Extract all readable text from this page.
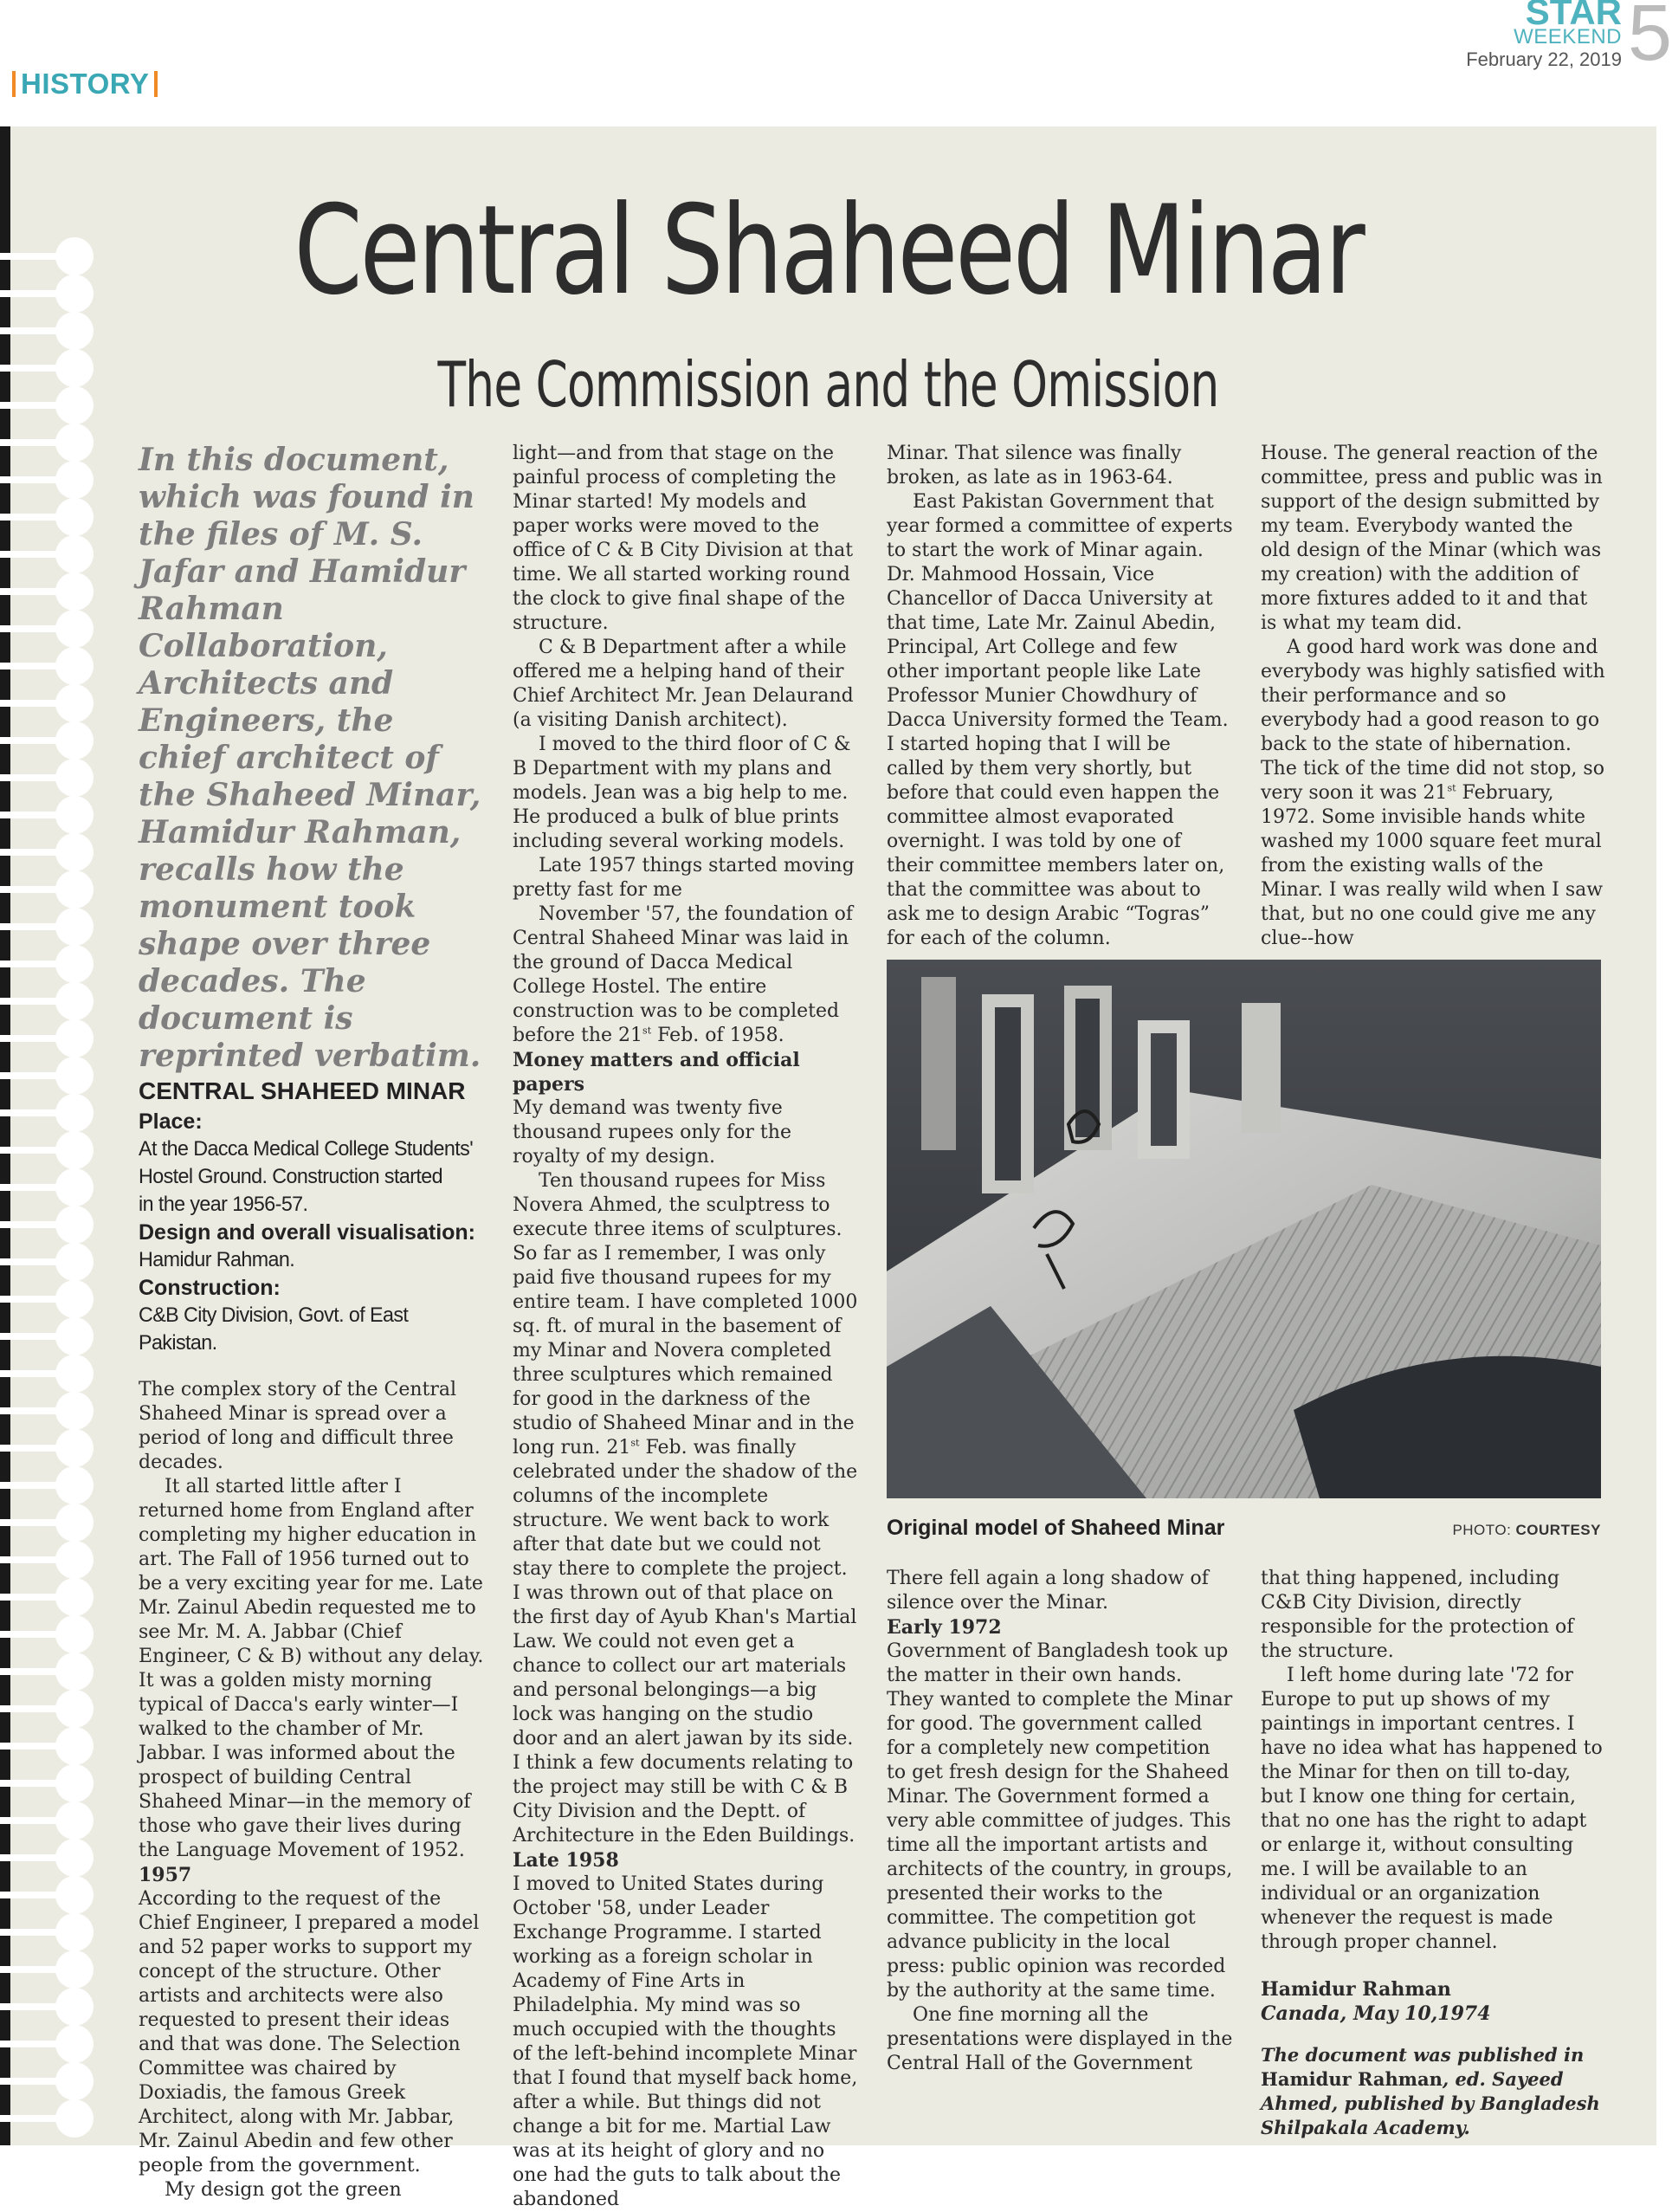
HISTORY
STAR
WEEKEND
February 22, 2019 5
Central Shaheed Minar
The Commission and the Omission

In this document, which was found in the files of M. S. Jafar and Hamidur Rahman Collaboration, Architects and Engineers, the chief architect of the Shaheed Minar, Hamidur Rahman, recalls how the monument took shape over three decades. The document is reprinted verbatim.

CENTRAL SHAHEED MINAR
Place:
At the Dacca Medical College Students'
Hostel Ground. Construction started
in the year 1956-57.
Design and overall visualisation:
Hamidur Rahman.
Construction:
C&B City Division, Govt. of East Pakistan.

The complex story of the Central Shaheed Minar is spread over a period of long and difficult three decades.

It all started little after I returned home from England after completing my higher education in art. The Fall of 1956 turned out to be a very exciting year for me. Late Mr. Zainul Abedin requested me to see Mr. M. A. Jabbar (Chief Engineer, C & B) without any delay. It was a golden misty morning typical of Dacca's early winter—I walked to the chamber of Mr. Jabbar. I was informed about the prospect of building Central Shaheed Minar—in the memory of those who gave their lives during the Language Movement of 1952.

1957

According to the request of the Chief Engineer, I prepared a model and 52 paper works to support my concept of the structure. Other artists and architects were also requested to present their ideas and that was done. The Selection Committee was chaired by Doxiadis, the famous Greek Architect, along with Mr. Jabbar, Mr. Zainul Abedin and few other people from the government.

My design got the green

light—and from that stage on the painful process of completing the Minar started! My models and paper works were moved to the office of C & B City Division at that time. We all started working round the clock to give final shape of the structure.

C & B Department after a while offered me a helping hand of their Chief Architect Mr. Jean Delaurand (a visiting Danish architect).

I moved to the third floor of C & B Department with my plans and models. Jean was a big help to me. He produced a bulk of blue prints including several working models.

Late 1957 things started moving pretty fast for me

November '57, the foundation of Central Shaheed Minar was laid in the ground of Dacca Medical College Hostel. The entire construction was to be completed before the 21st Feb. of 1958.

Money matters and official papers

My demand was twenty five thousand rupees only for the royalty of my design.

Ten thousand rupees for Miss Novera Ahmed, the sculptress to execute three items of sculptures. So far as I remember, I was only paid five thousand rupees for my entire team. I have completed 1000 sq. ft. of mural in the basement of my Minar and Novera completed three sculptures which remained for good in the darkness of the studio of Shaheed Minar and in the long run. 21st Feb. was finally celebrated under the shadow of the columns of the incomplete structure. We went back to work after that date but we could not stay there to complete the project. I was thrown out of that place on the first day of Ayub Khan's Martial Law. We could not even get a chance to collect our art materials and personal belongings—a big lock was hanging on the studio door and an alert jawan by its side. I think a few documents relating to the project may still be with C & B City Division and the Deptt. of Architecture in the Eden Buildings.

Late 1958

I moved to United States during October '58, under Leader Exchange Programme. I started working as a foreign scholar in Academy of Fine Arts in Philadelphia. My mind was so much occupied with the thoughts of the left-behind incomplete Minar that I found that myself back home, after a while. But things did not change a bit for me. Martial Law was at its height of glory and no one had the guts to talk about the abandoned

Minar. That silence was finally broken, as late as in 1963-64.

East Pakistan Government that year formed a committee of experts to start the work of Minar again. Dr. Mahmood Hossain, Vice Chancellor of Dacca University at that time, Late Mr. Zainul Abedin, Principal, Art College and few other important people like Late Professor Munier Chowdhury of Dacca University formed the Team. I started hoping that I will be called by them very shortly, but before that could even happen the committee almost evaporated overnight. I was told by one of their committee members later on, that the committee was about to ask me to design Arabic “Togras” for each of the column.

House. The general reaction of the committee, press and public was in support of the design submitted by my team. Everybody wanted the old design of the Minar (which was my creation) with the addition of more fixtures added to it and that is what my team did.

A good hard work was done and everybody was highly satisfied with their performance and so everybody had a good reason to go back to the state of hibernation. The tick of the time did not stop, so very soon it was 21st February, 1972. Some invisible hands white washed my 1000 square feet mural from the existing walls of the Minar. I was really wild when I saw that, but no one could give me any clue--how

Original model of Shaheed Minar	PHOTO: COURTESY

There fell again a long shadow of silence over the Minar.

Early 1972

Government of Bangladesh took up the matter in their own hands. They wanted to complete the Minar for good. The government called for a completely new competition to get fresh design for the Shaheed Minar. The Government formed a very able committee of judges. This time all the important artists and architects of the country, in groups, presented their works to the committee. The competition got advance publicity in the local press: public opinion was recorded by the authority at the same time.

One fine morning all the presentations were displayed in the Central Hall of the Government

that thing happened, including C&B City Division, directly responsible for the protection of the structure.

I left home during late '72 for Europe to put up shows of my paintings in important centres. I have no idea what has happened to the Minar for then on till to-day, but I know one thing for certain, that no one has the right to adapt or enlarge it, without consulting me. I will be available to an individual or an organization whenever the request is made through proper channel.

Hamidur Rahman
Canada, May 10,1974
The document was published in Hamidur Rahman, ed. Sayeed Ahmed, published by Bangladesh Shilpakala Academy.
